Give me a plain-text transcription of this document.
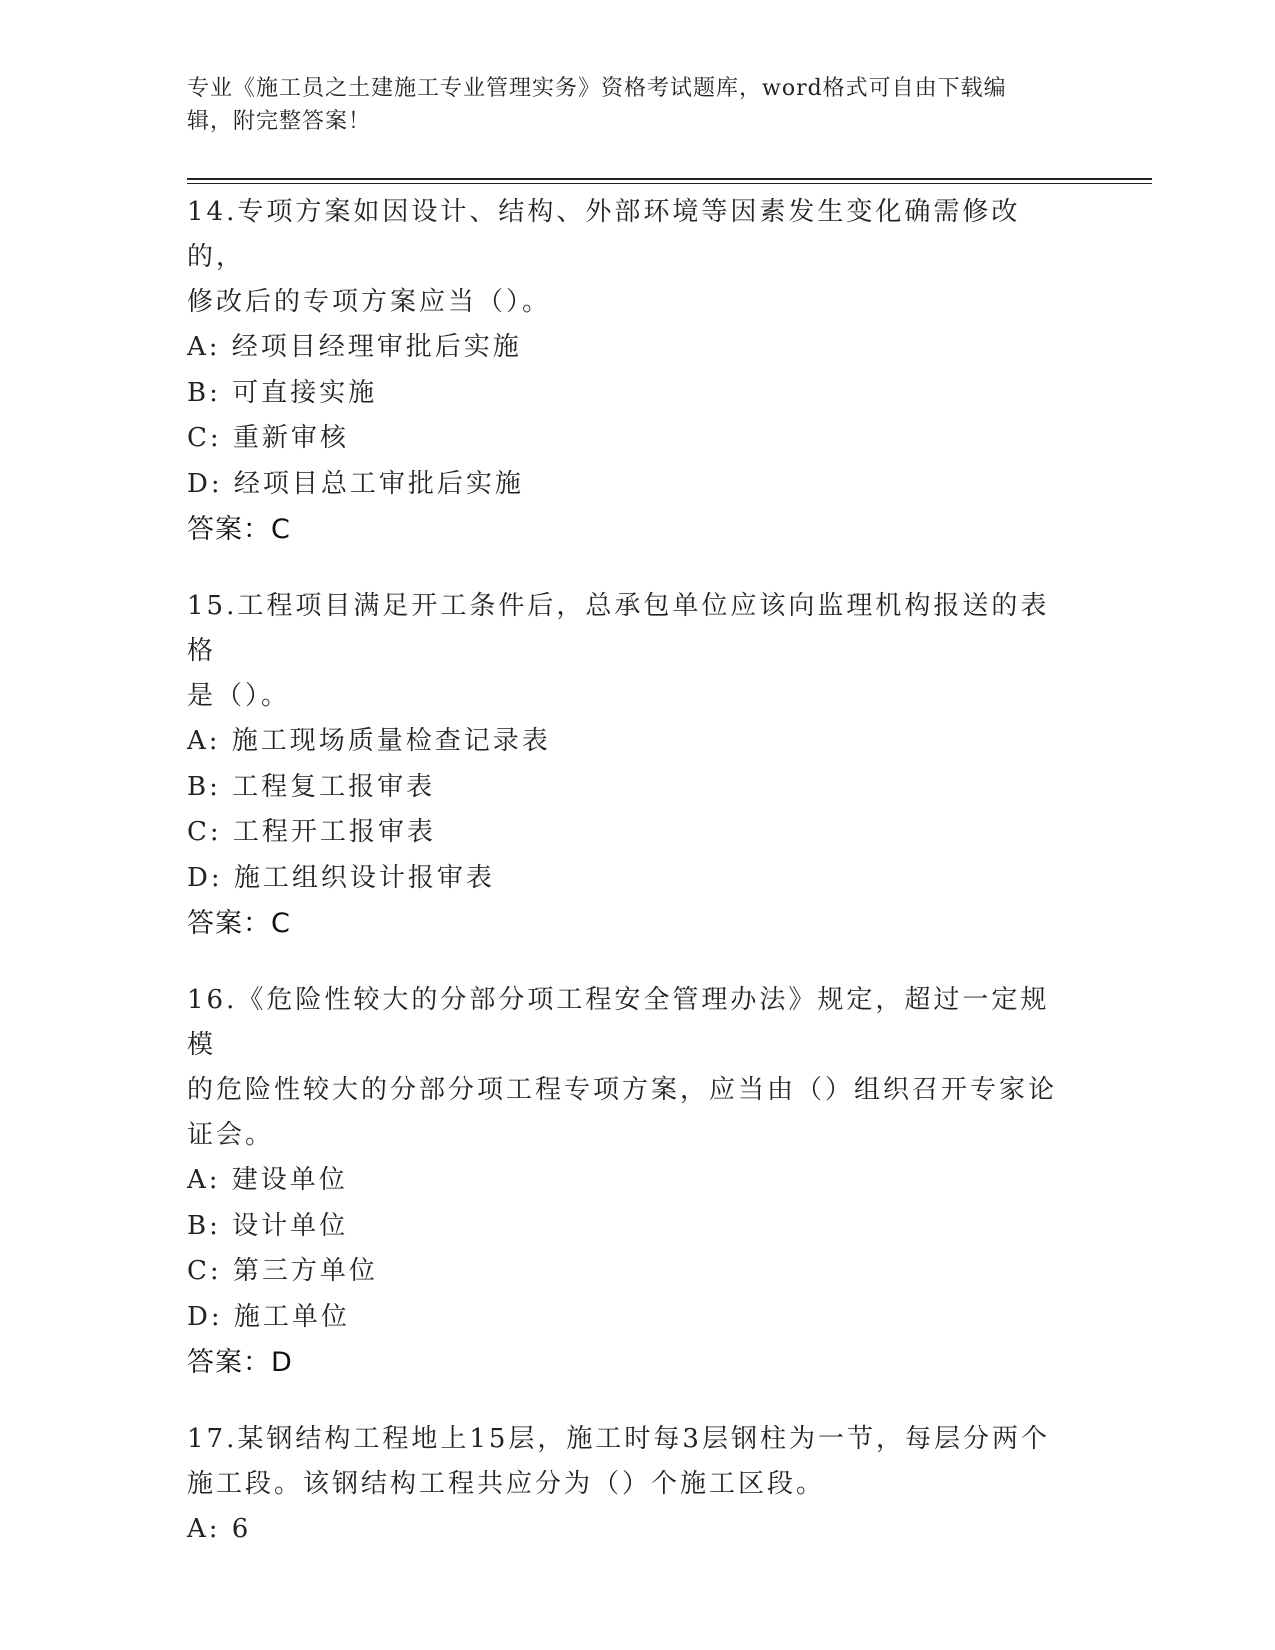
专业《施工员之土建施工专业管理实务》资格考试题库，word格式可自由下载编
辑，附完整答案！
14.专项方案如因设计、结构、外部环境等因素发生变化确需修改的，
修改后的专项方案应当（）。
A: 经项目经理审批后实施
B: 可直接实施
C: 重新审核
D: 经项目总工审批后实施
答案：C
15.工程项目满足开工条件后，总承包单位应该向监理机构报送的表格
是（）。
A: 施工现场质量检查记录表
B: 工程复工报审表
C: 工程开工报审表
D: 施工组织设计报审表
答案：C
16.《危险性较大的分部分项工程安全管理办法》规定，超过一定规模
的危险性较大的分部分项工程专项方案，应当由（）组织召开专家论
证会。
A: 建设单位
B: 设计单位
C: 第三方单位
D: 施工单位
答案：D
17.某钢结构工程地上15层，施工时每3层钢柱为一节，每层分两个
施工段。该钢结构工程共应分为（）个施工区段。
A: 6
